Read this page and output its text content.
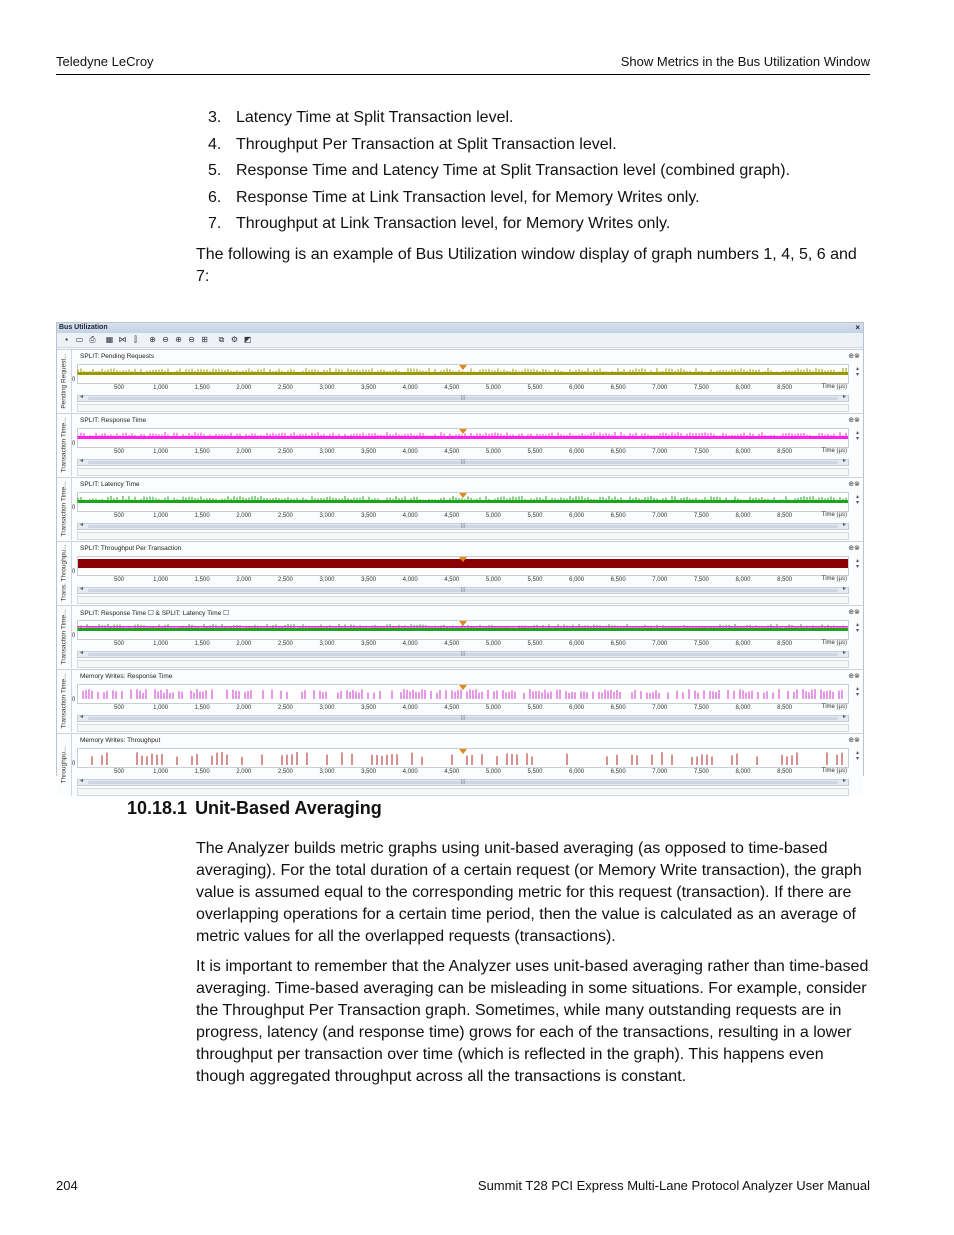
Teledyne LeCroy	Show Metrics in the Bus Utilization Window
3. Latency Time at Split Transaction level.
4. Throughput Per Transaction at Split Transaction level.
5. Response Time and Latency Time at Split Transaction level (combined graph).
6. Response Time at Link Transaction level, for Memory Writes only.
7. Throughput at Link Transaction level, for Memory Writes only.

The following is an example of Bus Utilization window display of graph numbers 1, 4, 5, 6 and 7:

Bus Utilization	×
▪ ▭ ⎙ ▦ ⋈ ⫿	⊕ ⊖ ⊕ ⊖ ⊞	⧉ ⚙ ◩
Pending Request... 0
SPLIT: Pending Requests	⊕⊗
▴
▾
500	1,000	1,500	2,000	2,500	3,000	3,500	4,000	4,500	5,000	5,500	6,000	6,500	7,000	7,500	8,000	8,500	Time (µs)
◂	|||	▸
Transaction Time... 0
SPLIT: Response Time	⊕⊗
▴
▾
500	1,000	1,500	2,000	2,500	3,000	3,500	4,000	4,500	5,000	5,500	6,000	6,500	7,000	7,500	8,000	8,500	Time (µs)
◂	|||	▸
Transaction Time... 0
SPLIT: Latency Time	⊕⊗
▴
▾
500	1,000	1,500	2,000	2,500	3,000	3,500	4,000	4,500	5,000	5,500	6,000	6,500	7,000	7,500	8,000	8,500	Time (µs)
◂	|||	▸
Trans. Throughpu... 0
SPLIT: Throughput Per Transaction	⊕⊗
▴
▾
500	1,000	1,500	2,000	2,500	3,000	3,500	4,000	4,500	5,000	5,500	6,000	6,500	7,000	7,500	8,000	8,500	Time (µs)
◂	|||	▸
Transaction Time... 0
SPLIT: Response Time ☐ & SPLIT: Latency Time ☐	⊕⊗
▴
▾
500	1,000	1,500	2,000	2,500	3,000	3,500	4,000	4,500	5,000	5,500	6,000	6,500	7,000	7,500	8,000	8,500	Time (µs)
◂	|||	▸
Transaction Time... 0
Memory Writes: Response Time	⊕⊗
▴
▾
500	1,000	1,500	2,000	2,500	3,000	3,500	4,000	4,500	5,000	5,500	6,000	6,500	7,000	7,500	8,000	8,500	Time (µs)
◂	|||	▸
Throughpu... 0
Memory Writes: Throughput	⊕⊗
▴
▾
500	1,000	1,500	2,000	2,500	3,000	3,500	4,000	4,500	5,000	5,500	6,000	6,500	7,000	7,500	8,000	8,500	Time (µs)
◂	|||	▸
10.18.1 Unit-Based Averaging

The Analyzer builds metric graphs using unit-based averaging (as opposed to time-based averaging). For the total duration of a certain request (or Memory Write transaction), the graph value is assumed equal to the corresponding metric for this request (transaction). If there are overlapping operations for a certain time period, then the value is calculated as an average of metric values for all the overlapped requests (transactions).

It is important to remember that the Analyzer uses unit-based averaging rather than time-based averaging. Time-based averaging can be misleading in some situations. For example, consider the Throughput Per Transaction graph. Sometimes, while many outstanding requests are in progress, latency (and response time) grows for each of the transactions, resulting in a lower throughput per transaction over time (which is reflected in the graph). This happens even though aggregated throughput across all the transactions is constant.

204	Summit T28 PCI Express Multi-Lane Protocol Analyzer User Manual
